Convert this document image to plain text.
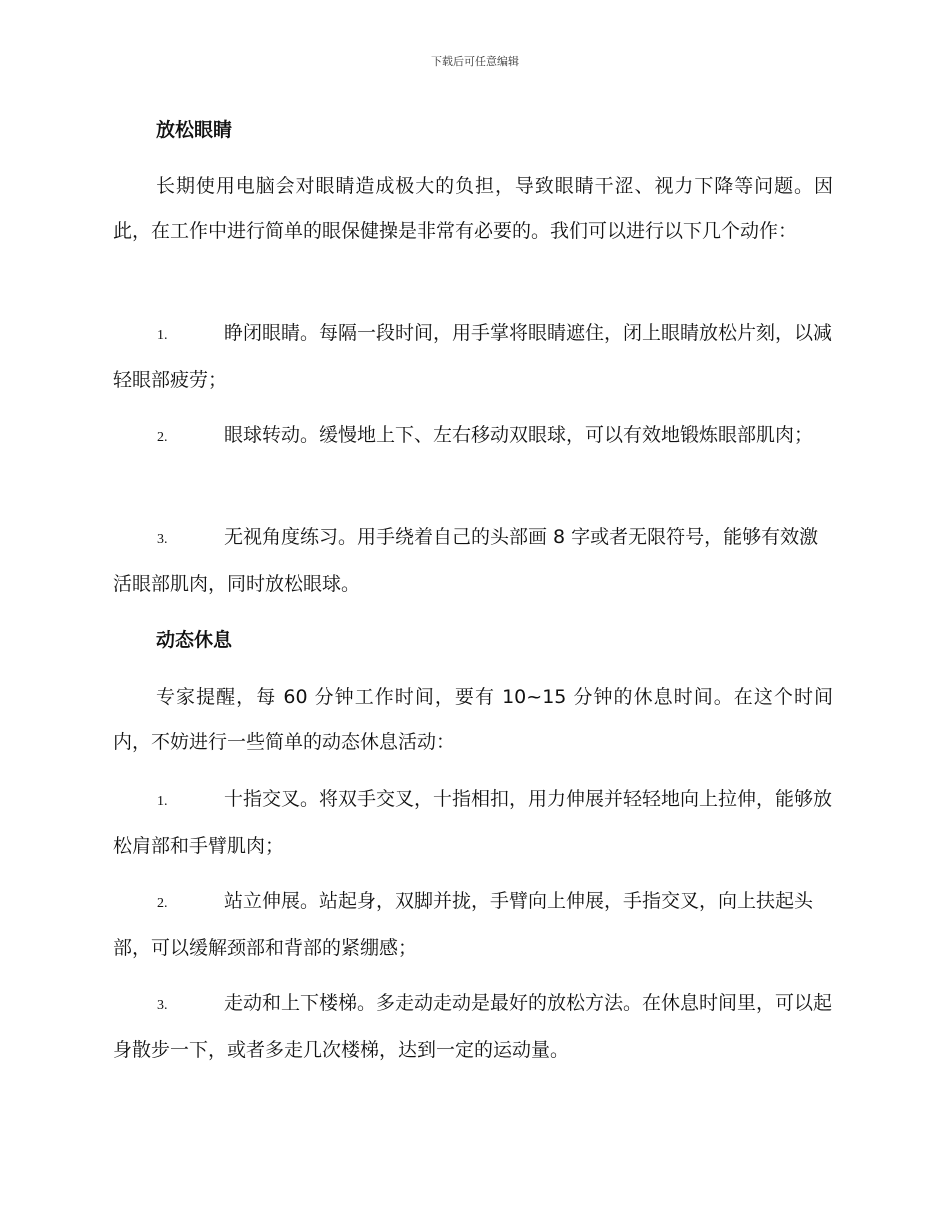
下载后可任意编辑
放松眼睛

长期使用电脑会对眼睛造成极大的负担，导致眼睛干涩、视力下降等问题。因此，在工作中进行简单的眼保健操是非常有必要的。我们可以进行以下几个动作：

1.	睁闭眼睛。每隔一段时间，用手掌将眼睛遮住，闭上眼睛放松片刻，以减轻眼部疲劳；

2.	眼球转动。缓慢地上下、左右移动双眼球，可以有效地锻炼眼部肌肉；

3.	无视角度练习。用手绕着自己的头部画 8 字或者无限符号，能够有效激活眼部肌肉，同时放松眼球。

动态休息

专家提醒，每 60 分钟工作时间，要有 10~15 分钟的休息时间。在这个时间内，不妨进行一些简单的动态休息活动：

1.	十指交叉。将双手交叉，十指相扣，用力伸展并轻轻地向上拉伸，能够放松肩部和手臂肌肉；

2.	站立伸展。站起身，双脚并拢，手臂向上伸展，手指交叉，向上扶起头部，可以缓解颈部和背部的紧绷感；

3.	走动和上下楼梯。多走动走动是最好的放松方法。在休息时间里，可以起身散步一下，或者多走几次楼梯，达到一定的运动量。
